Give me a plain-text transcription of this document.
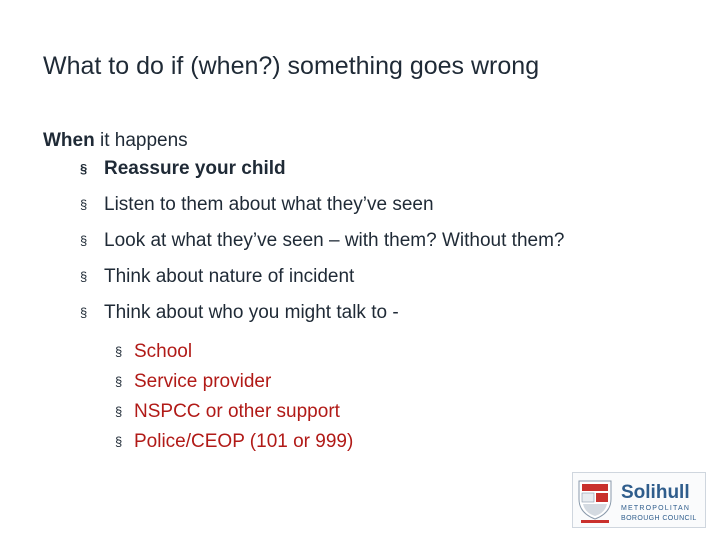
What to do if (when?) something goes wrong
When it happens
§ Reassure your child
§ Listen to them about what they’ve seen
§ Look at what they’ve seen – with them? Without them?
§ Think about nature of incident
§ Think about who you might talk to -
§ School
§ Service provider
§ NSPCC or other support
§ Police/CEOP (101 or 999)
Solihull
METROPOLITAN
BOROUGH COUNCIL
